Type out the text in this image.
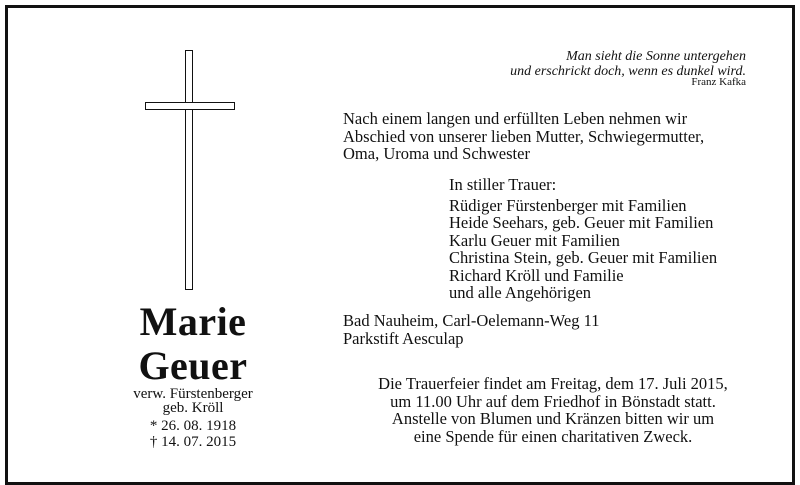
Marie
Geuer
verw. Fürstenberger
geb. Kröll
* 26. 08. 1918
† 14. 07. 2015
Man sieht die Sonne untergehen
und erschrickt doch, wenn es dunkel wird.
Franz Kafka
Nach einem langen und erfüllten Leben nehmen wir
Abschied von unserer lieben Mutter, Schwiegermutter,
Oma, Uroma und Schwester
In stiller Trauer:
Rüdiger Fürstenberger mit Familien
Heide Seehars, geb. Geuer mit Familien
Karlu Geuer mit Familien
Christina Stein, geb. Geuer mit Familien
Richard Kröll und Familie
und alle Angehörigen
Bad Nauheim, Carl-Oelemann-Weg 11
Parkstift Aesculap
Die Trauerfeier findet am Freitag, dem 17. Juli 2015,
um 11.00 Uhr auf dem Friedhof in Bönstadt statt.
Anstelle von Blumen und Kränzen bitten wir um
eine Spende für einen charitativen Zweck.
